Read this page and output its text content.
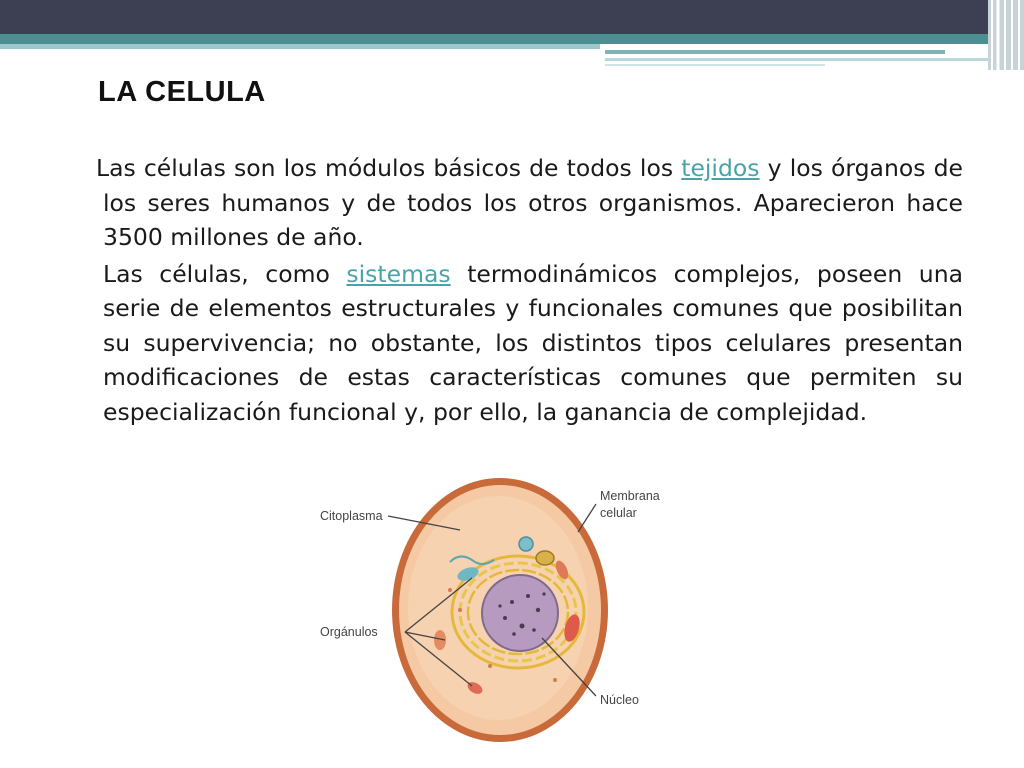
LA CELULA

Las células son los módulos básicos de todos los tejidos y los órganos de los seres humanos y de todos los otros organismos. Aparecieron hace 3500 millones de año.

Las células, como sistemas termodinámicos complejos, poseen una serie de elementos estructurales y funcionales comunes que posibilitan su supervivencia; no obstante, los distintos tipos celulares presentan modificaciones de estas características comunes que permiten su especialización funcional y, por ello, la ganancia de complejidad.

Citoplasma
Membrana
celular
Orgánulos
Núcleo
